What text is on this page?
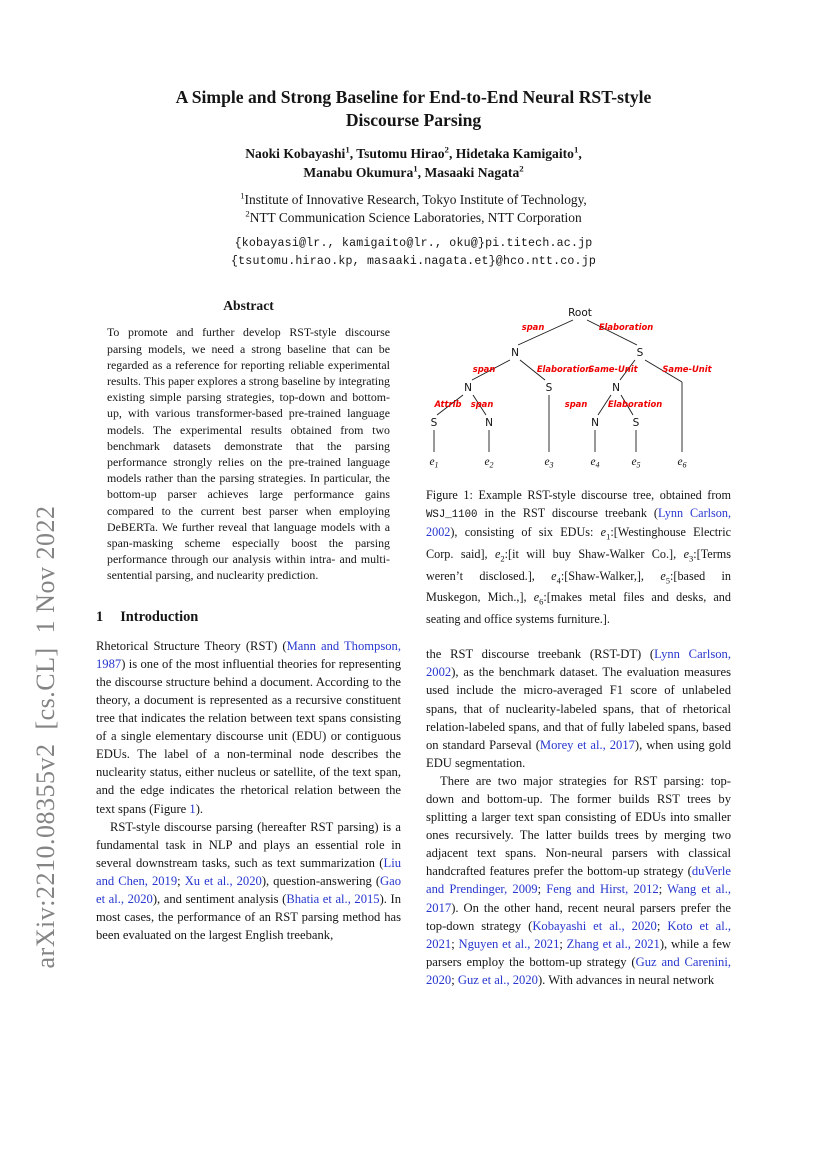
arXiv:2210.08355v2  [cs.CL]  1 Nov 2022
A Simple and Strong Baseline for End-to-End Neural RST-style Discourse Parsing
Naoki Kobayashi$^1$, Tsutomu Hirao$^2$, Hidetaka Kamigaito$^1$,
Manabu Okumura$^1$, Masaaki Nagata$^2$
$^1$Institute of Innovative Research, Tokyo Institute of Technology,
$^2$NTT Communication Science Laboratories, NTT Corporation
{kobayasi@lr., kamigaito@lr., oku@}pi.titech.ac.jp
{tsutomu.hirao.kp, masaaki.nagata.et}@hco.ntt.co.jp
Abstract

To promote and further develop RST-style discourse parsing models, we need a strong baseline that can be regarded as a reference for reporting reliable experimental results. This paper explores a strong baseline by integrating existing simple parsing strategies, top-down and bottom-up, with various transformer-based pre-trained language models. The experimental results obtained from two benchmark datasets demonstrate that the parsing performance strongly relies on the pre-trained language models rather than the parsing strategies. In particular, the bottom-up parser achieves large performance gains compared to the current best parser when employing DeBERTa. We further reveal that language models with a span-masking scheme especially boost the parsing performance through our analysis within intra- and multi-sentential parsing, and nuclearity prediction.

1 Introduction

Rhetorical Structure Theory (RST) (Mann and Thompson, 1987) is one of the most influential theories for representing the discourse structure behind a document. According to the theory, a document is represented as a recursive constituent tree that indicates the relation between text spans consisting of a single elementary discourse unit (EDU) or contiguous EDUs. The label of a non-terminal node describes the nuclearity status, either nucleus or satellite, of the text span, and the edge indicates the rhetorical relation between the text spans (Figure 1).

RST-style discourse parsing (hereafter RST parsing) is a fundamental task in NLP and plays an essential role in several downstream tasks, such as text summarization (Liu and Chen, 2019; Xu et al., 2020), question-answering (Gao et al., 2020), and sentiment analysis (Bhatia et al., 2015). In most cases, the performance of an RST parsing method has been evaluated on the largest English treebank,

Root
N	S
N	S	N
S	N	N	S
span	Elaboration
span	Elaboration
Same-Unit	Same-Unit
Attrib span	span Elaboration
$e_1$	$e_2$	$e_3$	$e_4$	$e_5$	$e_6$
Figure 1: Example RST-style discourse tree, obtained from WSJ_1100 in the RST discourse treebank (Lynn Carlson, 2002), consisting of six EDUs: $e_1:[Westinghouse$ Electric Corp. said], $e_2:[it$ will buy Shaw-Walker Co.], $e_3:[Terms$ weren’t disclosed.], $e_4:[Shaw-Walker,]$, $e_5:[based$ in Muskegon, Mich.,], $e_6:[makes$ metal files and desks, and seating and office systems furniture.].

the RST discourse treebank (RST-DT) (Lynn Carlson, 2002), as the benchmark dataset. The evaluation measures used include the micro-averaged F1 score of unlabeled spans, that of nuclearity-labeled spans, that of rhetorical relation-labeled spans, and that of fully labeled spans, based on standard Parseval (Morey et al., 2017), when using gold EDU segmentation.

There are two major strategies for RST parsing: top-down and bottom-up. The former builds RST trees by splitting a larger text span consisting of EDUs into smaller ones recursively. The latter builds trees by merging two adjacent text spans. Non-neural parsers with classical handcrafted features prefer the bottom-up strategy (duVerle and Prendinger, 2009; Feng and Hirst, 2012; Wang et al., 2017). On the other hand, recent neural parsers prefer the top-down strategy (Kobayashi et al., 2020; Koto et al., 2021; Nguyen et al., 2021; Zhang et al., 2021), while a few parsers employ the bottom-up strategy (Guz and Carenini, 2020; Guz et al., 2020). With advances in neural network
